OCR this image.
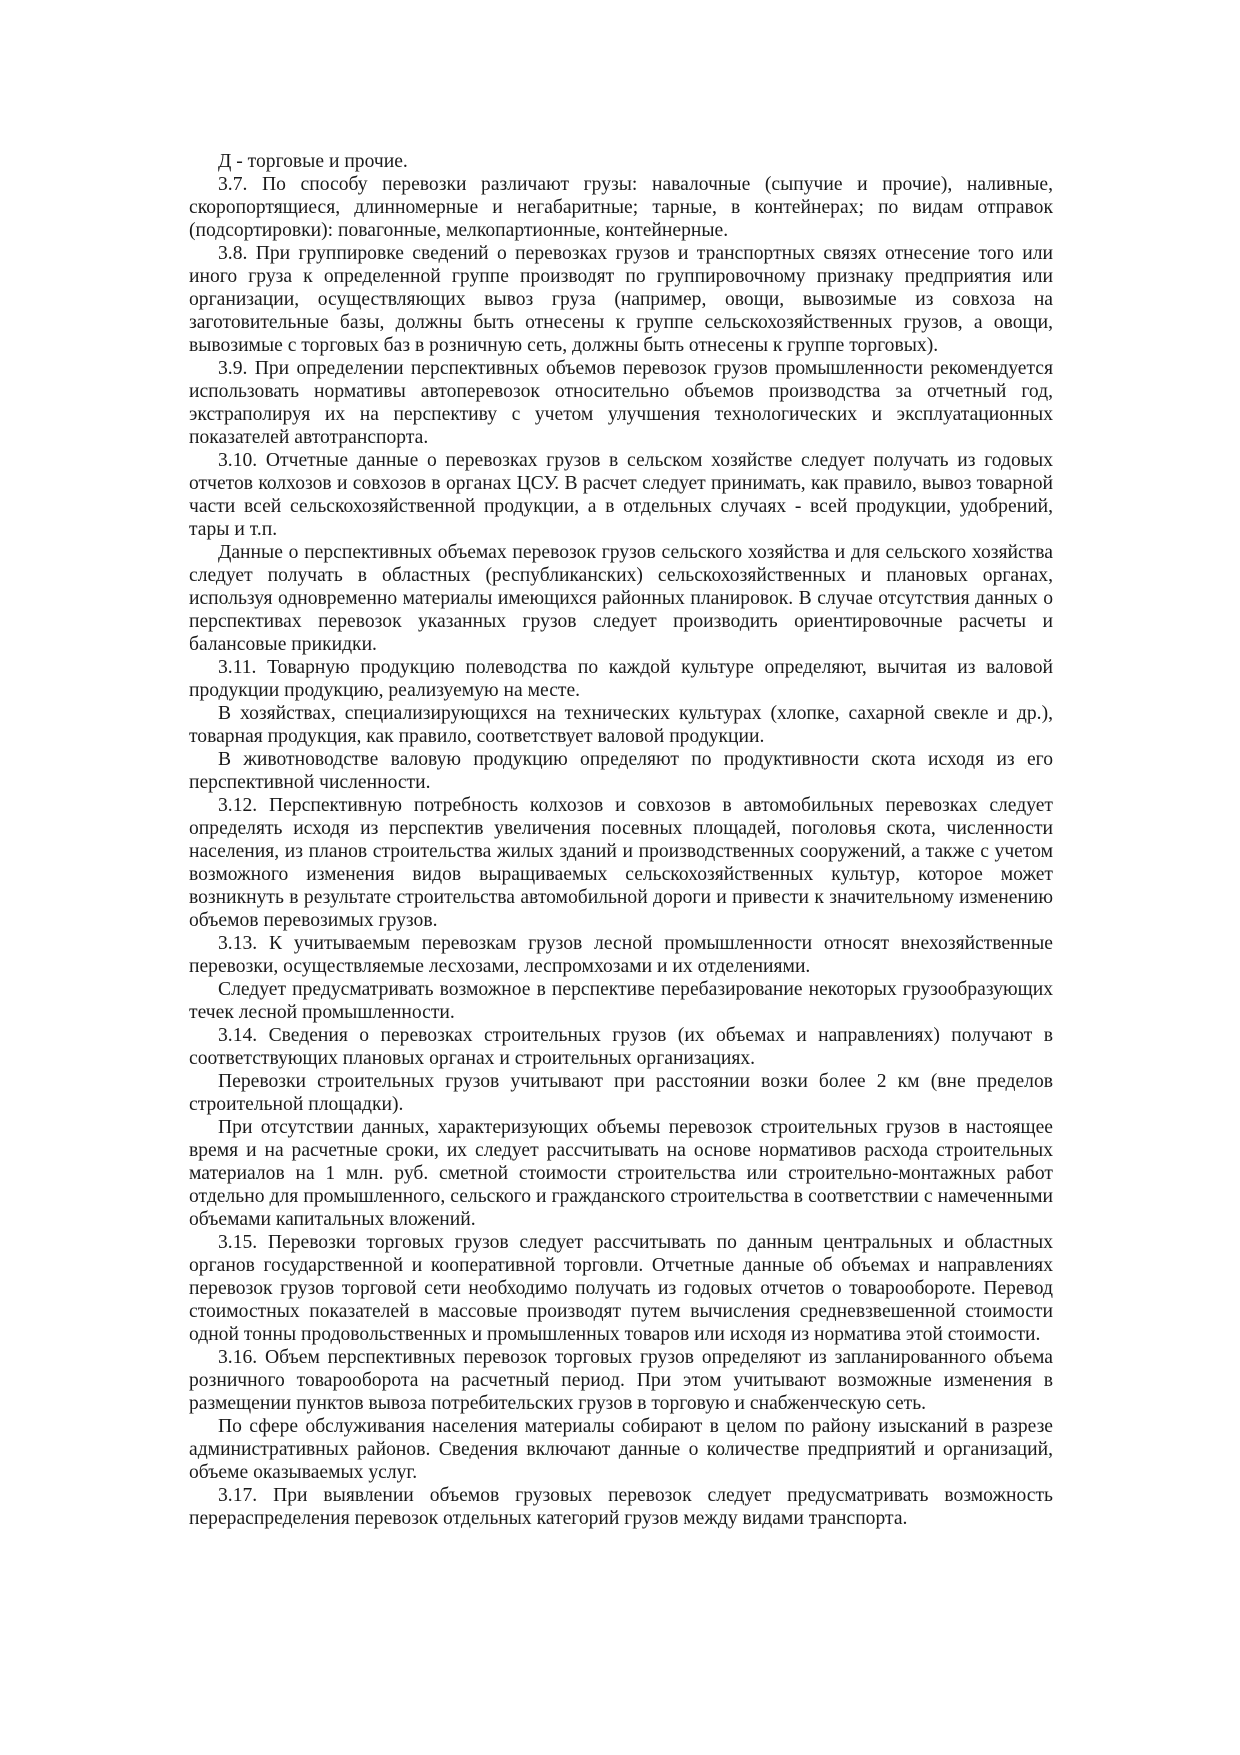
Д - торговые и прочие.

3.7. По способу перевозки различают грузы: навалочные (сыпучие и прочие), наливные, скоропортящиеся, длинномерные и негабаритные; тарные, в контейнерах; по видам отправок (подсортировки): повагонные, мелкопартионные, контейнерные.

3.8. При группировке сведений о перевозках грузов и транспортных связях отнесение того или иного груза к определенной группе производят по группировочному признаку предприятия или организации, осуществляющих вывоз груза (например, овощи, вывозимые из совхоза на заготовительные базы, должны быть отнесены к группе сельскохозяйственных грузов, а овощи, вывозимые с торговых баз в розничную сеть, должны быть отнесены к группе торговых).

3.9. При определении перспективных объемов перевозок грузов промышленности рекомендуется использовать нормативы автоперевозок относительно объемов производства за отчетный год, экстраполируя их на перспективу с учетом улучшения технологических и эксплуатационных показателей автотранспорта.

3.10. Отчетные данные о перевозках грузов в сельском хозяйстве следует получать из годовых отчетов колхозов и совхозов в органах ЦСУ. В расчет следует принимать, как правило, вывоз товарной части всей сельскохозяйственной продукции, а в отдельных случаях - всей продукции, удобрений, тары и т.п.

Данные о перспективных объемах перевозок грузов сельского хозяйства и для сельского хозяйства следует получать в областных (республиканских) сельскохозяйственных и плановых органах, используя одновременно материалы имеющихся районных планировок. В случае отсутствия данных о перспективах перевозок указанных грузов следует производить ориентировочные расчеты и балансовые прикидки.

3.11. Товарную продукцию полеводства по каждой культуре определяют, вычитая из валовой продукции продукцию, реализуемую на месте.

В хозяйствах, специализирующихся на технических культурах (хлопке, сахарной свекле и др.), товарная продукция, как правило, соответствует валовой продукции.

В животноводстве валовую продукцию определяют по продуктивности скота исходя из его перспективной численности.

3.12. Перспективную потребность колхозов и совхозов в автомобильных перевозках следует определять исходя из перспектив увеличения посевных площадей, поголовья скота, численности населения, из планов строительства жилых зданий и производственных сооружений, а также с учетом возможного изменения видов выращиваемых сельскохозяйственных культур, которое может возникнуть в результате строительства автомобильной дороги и привести к значительному изменению объемов перевозимых грузов.

3.13. К учитываемым перевозкам грузов лесной промышленности относят внехозяйственные перевозки, осуществляемые лесхозами, леспромхозами и их отделениями.

Следует предусматривать возможное в перспективе перебазирование некоторых грузообразующих течек лесной промышленности.

3.14. Сведения о перевозках строительных грузов (их объемах и направлениях) получают в соответствующих плановых органах и строительных организациях.

Перевозки строительных грузов учитывают при расстоянии возки более 2 км (вне пределов строительной площадки).

При отсутствии данных, характеризующих объемы перевозок строительных грузов в настоящее время и на расчетные сроки, их следует рассчитывать на основе нормативов расхода строительных материалов на 1 млн. руб. сметной стоимости строительства или строительно-монтажных работ отдельно для промышленного, сельского и гражданского строительства в соответствии с намеченными объемами капитальных вложений.

3.15. Перевозки торговых грузов следует рассчитывать по данным центральных и областных органов государственной и кооперативной торговли. Отчетные данные об объемах и направлениях перевозок грузов торговой сети необходимо получать из годовых отчетов о товарообороте. Перевод стоимостных показателей в массовые производят путем вычисления средневзвешенной стоимости одной тонны продовольственных и промышленных товаров или исходя из норматива этой стоимости.

3.16. Объем перспективных перевозок торговых грузов определяют из запланированного объема розничного товарооборота на расчетный период. При этом учитывают возможные изменения в размещении пунктов вывоза потребительских грузов в торговую и снабженческую сеть.

По сфере обслуживания населения материалы собирают в целом по району изысканий в разрезе административных районов. Сведения включают данные о количестве предприятий и организаций, объеме оказываемых услуг.

3.17. При выявлении объемов грузовых перевозок следует предусматривать возможность перераспределения перевозок отдельных категорий грузов между видами транспорта.
